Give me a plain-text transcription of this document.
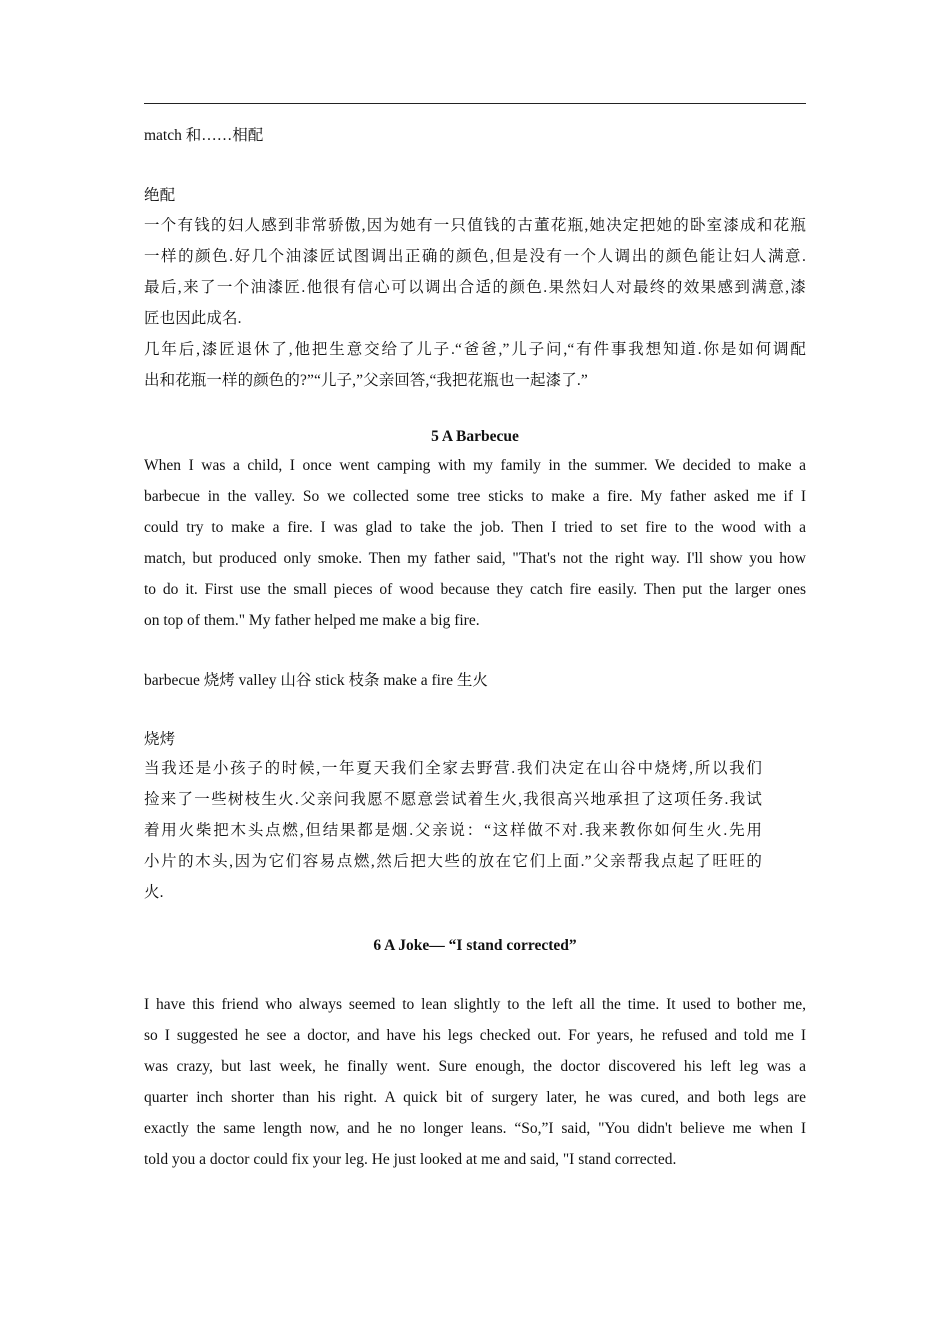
match 和……相配

绝配

一个有钱的妇人感到非常骄傲,因为她有一只值钱的古董花瓶,她决定把她的卧室漆成和花瓶
一样的颜色.好几个油漆匠试图调出正确的颜色,但是没有一个人调出的颜色能让妇人满意.
最后,来了一个油漆匠.他很有信心可以调出合适的颜色.果然妇人对最终的效果感到满意,漆
匠也因此成名.
几年后,漆匠退休了,他把生意交给了儿子.“爸爸,”儿子问,“有件事我想知道.你是如何调配
出和花瓶一样的颜色的?”“儿子,”父亲回答,“我把花瓶也一起漆了.”

5 A Barbecue

When I was a child, I once went camping with my family in the summer. We decided to make a
barbecue in the valley. So we collected some tree sticks to make a fire. My father asked me if I
could try to make a fire. I was glad to take the job. Then I tried to set fire to the wood with a
match, but produced only smoke. Then my father said, "That's not the right way. I'll show you how
to do it. First use the small pieces of wood because they catch fire easily. Then put the larger ones
on top of them." My father helped me make a big fire.

barbecue 烧烤 valley 山谷 stick 枝条 make a fire 生火

烧烤

当我还是小孩子的时候,一年夏天我们全家去野营.我们决定在山谷中烧烤,所以我们
捡来了一些树枝生火.父亲问我愿不愿意尝试着生火,我很高兴地承担了这项任务.我试
着用火柴把木头点燃,但结果都是烟.父亲说：“这样做不对.我来教你如何生火.先用
小片的木头,因为它们容易点燃,然后把大些的放在它们上面.”父亲帮我点起了旺旺的
火.

6 A Joke— “I stand corrected”

I have this friend who always seemed to lean slightly to the left all the time. It used to bother me,
so I suggested he see a doctor, and have his legs checked out. For years, he refused and told me I
was crazy, but last week, he finally went. Sure enough, the doctor discovered his left leg was a
quarter inch shorter than his right. A quick bit of surgery later, he was cured, and both legs are
exactly the same length now, and he no longer leans. “So,”I said, "You didn't believe me when I
told you a doctor could fix your leg. He just looked at me and said, "I stand corrected.
